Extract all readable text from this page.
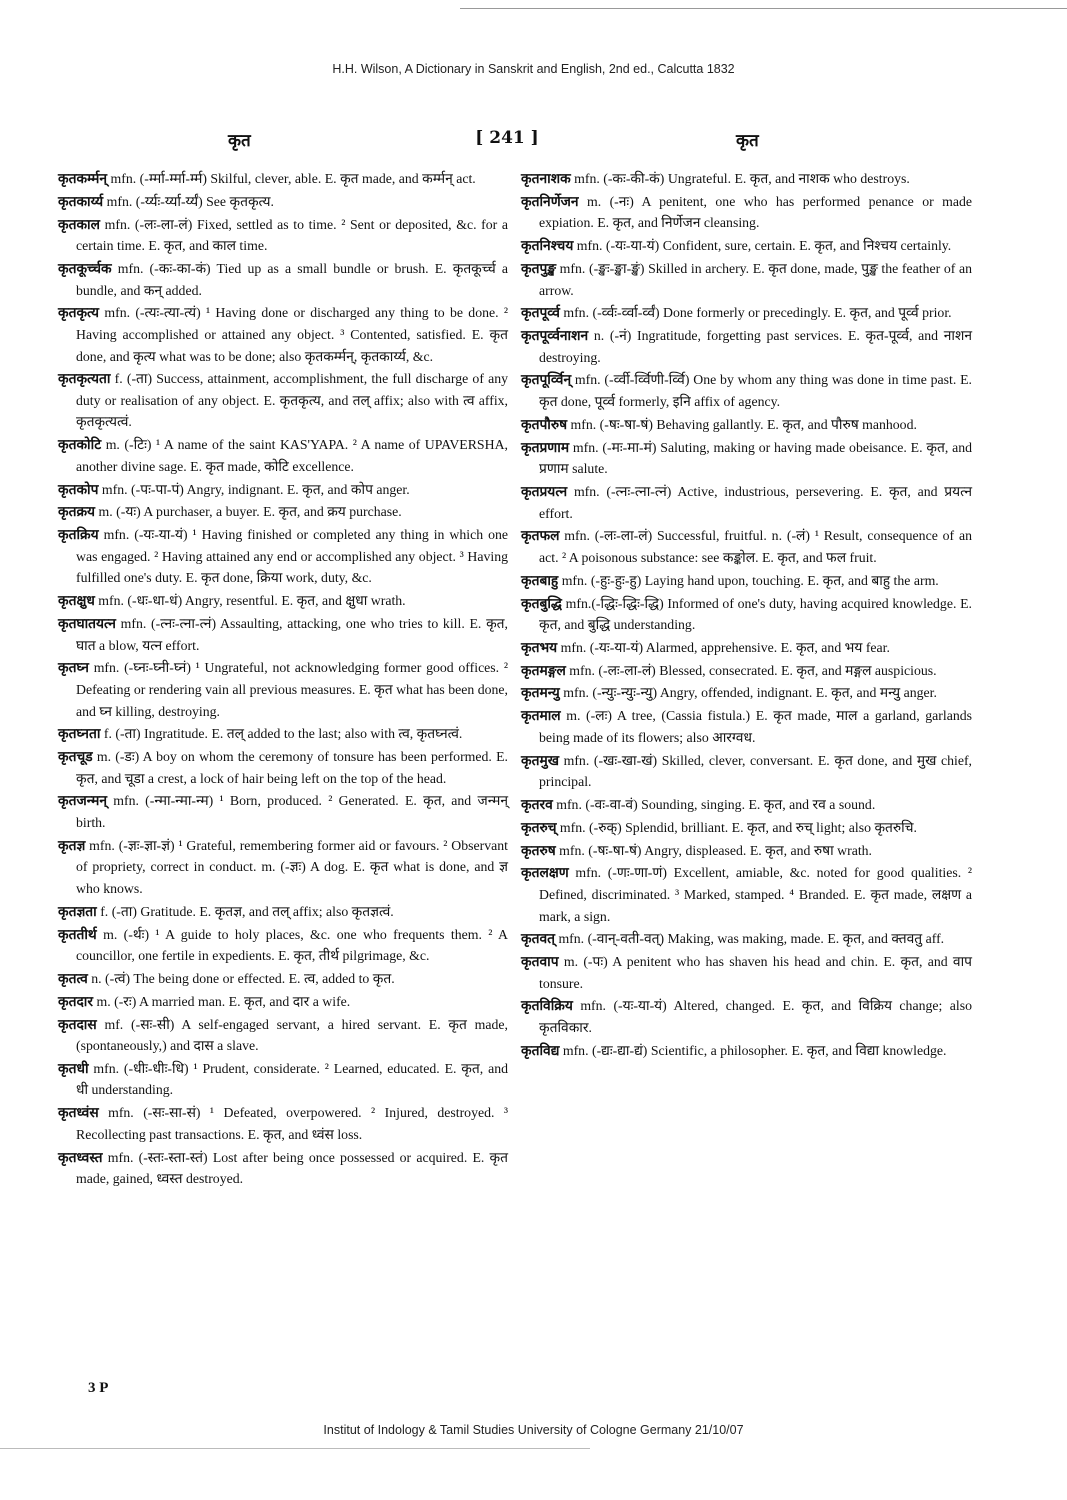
H.H. Wilson, A Dictionary in Sanskrit and English, 2nd ed., Calcutta 1832
कृत	[ 241 ]	कृत

कृतकर्म्मन् mfn. (-र्म्मा-र्म्मा-र्म्म) Skilful, clever, able. E. कृत made, and कर्म्मन् act.

कृतकार्य्य mfn. (-र्य्यः-र्य्या-र्य्यं) See कृतकृत्य.

कृतकाल mfn. (-लः-ला-लं) Fixed, settled as to time. ² Sent or deposited, &c. for a certain time. E. कृत, and काल time.

कृतकूर्च्चक mfn. (-कः-का-कं) Tied up as a small bundle or brush. E. कृतकूर्च्च a bundle, and कन् added.

कृतकृत्य mfn. (-त्यः-त्या-त्यं) ¹ Having done or discharged any thing to be done. ² Having accomplished or attained any object. ³ Contented, satisfied. E. कृत done, and कृत्य what was to be done; also कृतकर्म्मन्, कृतकार्य्य, &c.

कृतकृत्यता f. (-ता) Success, attainment, accomplishment, the full discharge of any duty or realisation of any object. E. कृतकृत्य, and तल् affix; also with त्व affix, कृतकृत्यत्वं.

कृतकोटि m. (-टिः) ¹ A name of the saint KAS'YAPA. ² A name of UPAVERSHA, another divine sage. E. कृत made, कोटि excellence.

कृतकोप mfn. (-पः-पा-पं) Angry, indignant. E. कृत, and कोप anger.

कृतक्रय m. (-यः) A purchaser, a buyer. E. कृत, and क्रय purchase.

कृतक्रिय mfn. (-यः-या-यं) ¹ Having finished or completed any thing in which one was engaged. ² Having attained any end or accomplished any object. ³ Having fulfilled one's duty. E. कृत done, क्रिया work, duty, &c.

कृतक्षुध mfn. (-धः-धा-धं) Angry, resentful. E. कृत, and क्षुधा wrath.

कृतघातयत्न mfn. (-त्नः-त्ना-त्नं) Assaulting, attacking, one who tries to kill. E. कृत, घात a blow, यत्न effort.

कृतघ्न mfn. (-घ्नः-घ्नी-घ्नं) ¹ Ungrateful, not acknowledging former good offices. ² Defeating or rendering vain all previous measures. E. कृत what has been done, and घ्न killing, destroying.

कृतघ्नता f. (-ता) Ingratitude. E. तल् added to the last; also with त्व, कृतघ्नत्वं.

कृतचूड m. (-डः) A boy on whom the ceremony of tonsure has been performed. E. कृत, and चूडा a crest, a lock of hair being left on the top of the head.

कृतजन्मन् mfn. (-न्मा-न्मा-न्म) ¹ Born, produced. ² Generated. E. कृत, and जन्मन् birth.

कृतज्ञ mfn. (-ज्ञः-ज्ञा-ज्ञं) ¹ Grateful, remembering former aid or favours. ² Observant of propriety, correct in conduct. m. (-ज्ञः) A dog. E. कृत what is done, and ज्ञ who knows.

कृतज्ञता f. (-ता) Gratitude. E. कृतज्ञ, and तल् affix; also कृतज्ञत्वं.

कृततीर्थ m. (-र्थः) ¹ A guide to holy places, &c. one who frequents them. ² A councillor, one fertile in expedients. E. कृत, तीर्थ pilgrimage, &c.

कृतत्व n. (-त्वं) The being done or effected. E. त्व, added to कृत.

कृतदार m. (-रः) A married man. E. कृत, and दार a wife.

कृतदास mf. (-सः-सी) A self-engaged servant, a hired servant. E. कृत made, (spontaneously,) and दास a slave.

कृतधी mfn. (-धीः-धीः-धि) ¹ Prudent, considerate. ² Learned, educated. E. कृत, and धी understanding.

कृतध्वंस mfn. (-सः-सा-सं) ¹ Defeated, overpowered. ² Injured, destroyed. ³ Recollecting past transactions. E. कृत, and ध्वंस loss.

कृतध्वस्त mfn. (-स्तः-स्ता-स्तं) Lost after being once possessed or acquired. E. कृत made, gained, ध्वस्त destroyed.

कृतनाशक mfn. (-कः-की-कं) Ungrateful. E. कृत, and नाशक who destroys.

कृतनिर्णेजन m. (-नः) A penitent, one who has performed penance or made expiation. E. कृत, and निर्णेजन cleansing.

कृतनिश्चय mfn. (-यः-या-यं) Confident, sure, certain. E. कृत, and निश्चय certainly.

कृतपुङ्ख mfn. (-ङ्खः-ङ्खा-ङ्खं) Skilled in archery. E. कृत done, made, पुङ्ख the feather of an arrow.

कृतपूर्व्व mfn. (-र्व्वः-र्व्वा-र्व्वं) Done formerly or precedingly. E. कृत, and पूर्व्व prior.

कृतपूर्व्वनाशन n. (-नं) Ingratitude, forgetting past services. E. कृत-पूर्व्व, and नाशन destroying.

कृतपूर्व्विन् mfn. (-र्व्वी-र्व्विणी-र्व्वि) One by whom any thing was done in time past. E. कृत done, पूर्व्व formerly, इनि affix of agency.

कृतपौरुष mfn. (-षः-षा-षं) Behaving gallantly. E. कृत, and पौरुष manhood.

कृतप्रणाम mfn. (-मः-मा-मं) Saluting, making or having made obeisance. E. कृत, and प्रणाम salute.

कृतप्रयत्न mfn. (-त्नः-त्ना-त्नं) Active, industrious, persevering. E. कृत, and प्रयत्न effort.

कृतफल mfn. (-लः-ला-लं) Successful, fruitful. n. (-लं) ¹ Result, consequence of an act. ² A poisonous substance: see कङ्कोल. E. कृत, and फल fruit.

कृतबाहु mfn. (-हुः-हुः-हु) Laying hand upon, touching. E. कृत, and बाहु the arm.

कृतबुद्धि mfn.(-द्धिः-द्धिः-द्धि) Informed of one's duty, having acquired knowledge. E. कृत, and बुद्धि understanding.

कृतभय mfn. (-यः-या-यं) Alarmed, apprehensive. E. कृत, and भय fear.

कृतमङ्गल mfn. (-लः-ला-लं) Blessed, consecrated. E. कृत, and मङ्गल auspicious.

कृतमन्यु mfn. (-न्युः-न्युः-न्यु) Angry, offended, indignant. E. कृत, and मन्यु anger.

कृतमाल m. (-लः) A tree, (Cassia fistula.) E. कृत made, माल a garland, garlands being made of its flowers; also आरग्वध.

कृतमुख mfn. (-खः-खा-खं) Skilled, clever, conversant. E. कृत done, and मुख chief, principal.

कृतरव mfn. (-वः-वा-वं) Sounding, singing. E. कृत, and रव a sound.

कृतरुच् mfn. (-रुक्) Splendid, brilliant. E. कृत, and रुच् light; also कृतरुचि.

कृतरुष mfn. (-षः-षा-षं) Angry, displeased. E. कृत, and रुषा wrath.

कृतलक्षण mfn. (-णः-णा-णं) Excellent, amiable, &c. noted for good qualities. ² Defined, discriminated. ³ Marked, stamped. ⁴ Branded. E. कृत made, लक्षण a mark, a sign.

कृतवत् mfn. (-वान्-वती-वत्) Making, was making, made. E. कृत, and क्तवतु aff.

कृतवाप m. (-पः) A penitent who has shaven his head and chin. E. कृत, and वाप tonsure.

कृतविक्रिय mfn. (-यः-या-यं) Altered, changed. E. कृत, and विक्रिय change; also कृतविकार.

कृतविद्य mfn. (-द्यः-द्या-द्यं) Scientific, a philosopher. E. कृत, and विद्या knowledge.

3 P
Institut of Indology & Tamil Studies University of Cologne Germany 21/10/07
